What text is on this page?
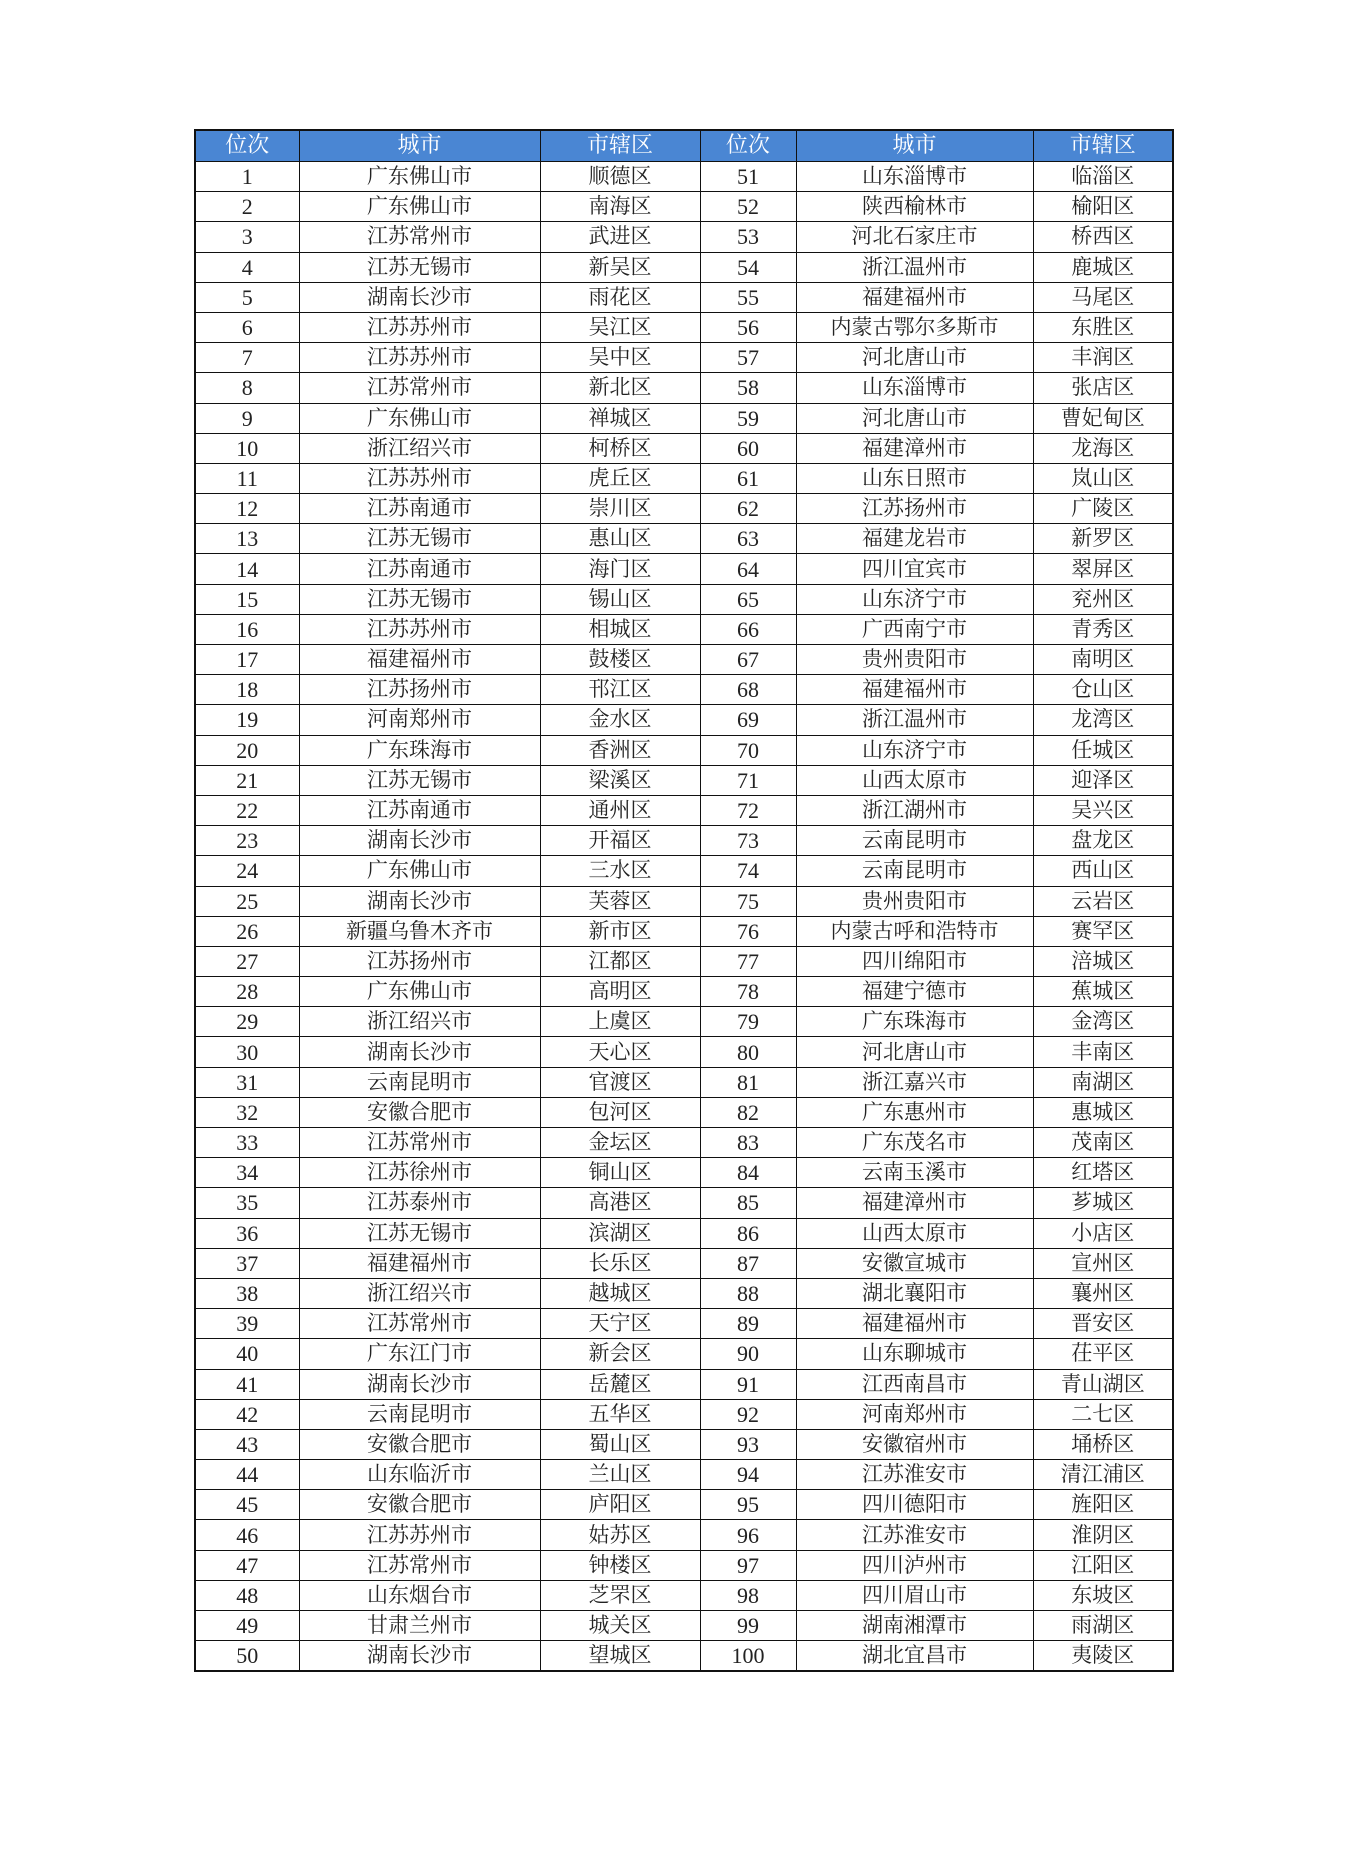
位次	城市	市辖区	位次	城市	市辖区
1	广东佛山市	顺德区	51	山东淄博市	临淄区
2	广东佛山市	南海区	52	陕西榆林市	榆阳区
3	江苏常州市	武进区	53	河北石家庄市	桥西区
4	江苏无锡市	新吴区	54	浙江温州市	鹿城区
5	湖南长沙市	雨花区	55	福建福州市	马尾区
6	江苏苏州市	吴江区	56	内蒙古鄂尔多斯市	东胜区
7	江苏苏州市	吴中区	57	河北唐山市	丰润区
8	江苏常州市	新北区	58	山东淄博市	张店区
9	广东佛山市	禅城区	59	河北唐山市	曹妃甸区
10	浙江绍兴市	柯桥区	60	福建漳州市	龙海区
11	江苏苏州市	虎丘区	61	山东日照市	岚山区
12	江苏南通市	崇川区	62	江苏扬州市	广陵区
13	江苏无锡市	惠山区	63	福建龙岩市	新罗区
14	江苏南通市	海门区	64	四川宜宾市	翠屏区
15	江苏无锡市	锡山区	65	山东济宁市	兖州区
16	江苏苏州市	相城区	66	广西南宁市	青秀区
17	福建福州市	鼓楼区	67	贵州贵阳市	南明区
18	江苏扬州市	邗江区	68	福建福州市	仓山区
19	河南郑州市	金水区	69	浙江温州市	龙湾区
20	广东珠海市	香洲区	70	山东济宁市	任城区
21	江苏无锡市	梁溪区	71	山西太原市	迎泽区
22	江苏南通市	通州区	72	浙江湖州市	吴兴区
23	湖南长沙市	开福区	73	云南昆明市	盘龙区
24	广东佛山市	三水区	74	云南昆明市	西山区
25	湖南长沙市	芙蓉区	75	贵州贵阳市	云岩区
26	新疆乌鲁木齐市	新市区	76	内蒙古呼和浩特市	赛罕区
27	江苏扬州市	江都区	77	四川绵阳市	涪城区
28	广东佛山市	高明区	78	福建宁德市	蕉城区
29	浙江绍兴市	上虞区	79	广东珠海市	金湾区
30	湖南长沙市	天心区	80	河北唐山市	丰南区
31	云南昆明市	官渡区	81	浙江嘉兴市	南湖区
32	安徽合肥市	包河区	82	广东惠州市	惠城区
33	江苏常州市	金坛区	83	广东茂名市	茂南区
34	江苏徐州市	铜山区	84	云南玉溪市	红塔区
35	江苏泰州市	高港区	85	福建漳州市	芗城区
36	江苏无锡市	滨湖区	86	山西太原市	小店区
37	福建福州市	长乐区	87	安徽宣城市	宣州区
38	浙江绍兴市	越城区	88	湖北襄阳市	襄州区
39	江苏常州市	天宁区	89	福建福州市	晋安区
40	广东江门市	新会区	90	山东聊城市	茌平区
41	湖南长沙市	岳麓区	91	江西南昌市	青山湖区
42	云南昆明市	五华区	92	河南郑州市	二七区
43	安徽合肥市	蜀山区	93	安徽宿州市	埇桥区
44	山东临沂市	兰山区	94	江苏淮安市	清江浦区
45	安徽合肥市	庐阳区	95	四川德阳市	旌阳区
46	江苏苏州市	姑苏区	96	江苏淮安市	淮阴区
47	江苏常州市	钟楼区	97	四川泸州市	江阳区
48	山东烟台市	芝罘区	98	四川眉山市	东坡区
49	甘肃兰州市	城关区	99	湖南湘潭市	雨湖区
50	湖南长沙市	望城区	100	湖北宜昌市	夷陵区
